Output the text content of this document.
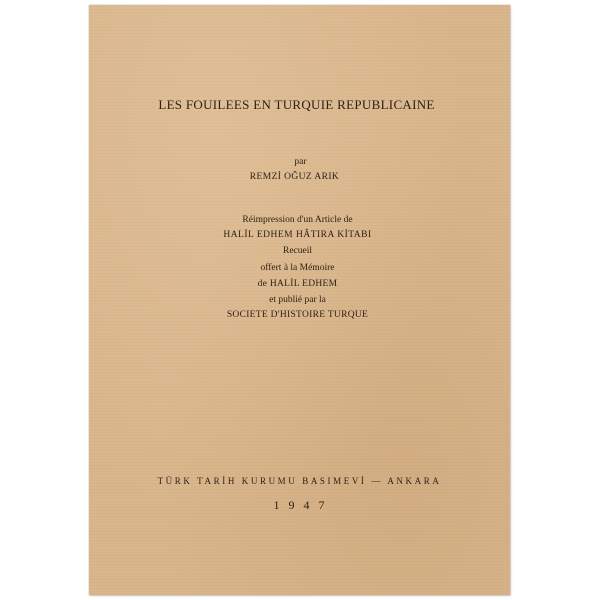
LES FOUILEES EN TURQUIE REPUBLICAINE
par
REMZİ OĞUZ ARIK
Réimpression d'un Article de
HALİL EDHEM HÂTIRA KİTABI
Recueil
offert à la Mémoire
de HALİL EDHEM
et publié par la
SOCIETE D'HISTOIRE TURQUE
TÜRK TARİH KURUMU BASIMEVİ — ANKARA
1947
